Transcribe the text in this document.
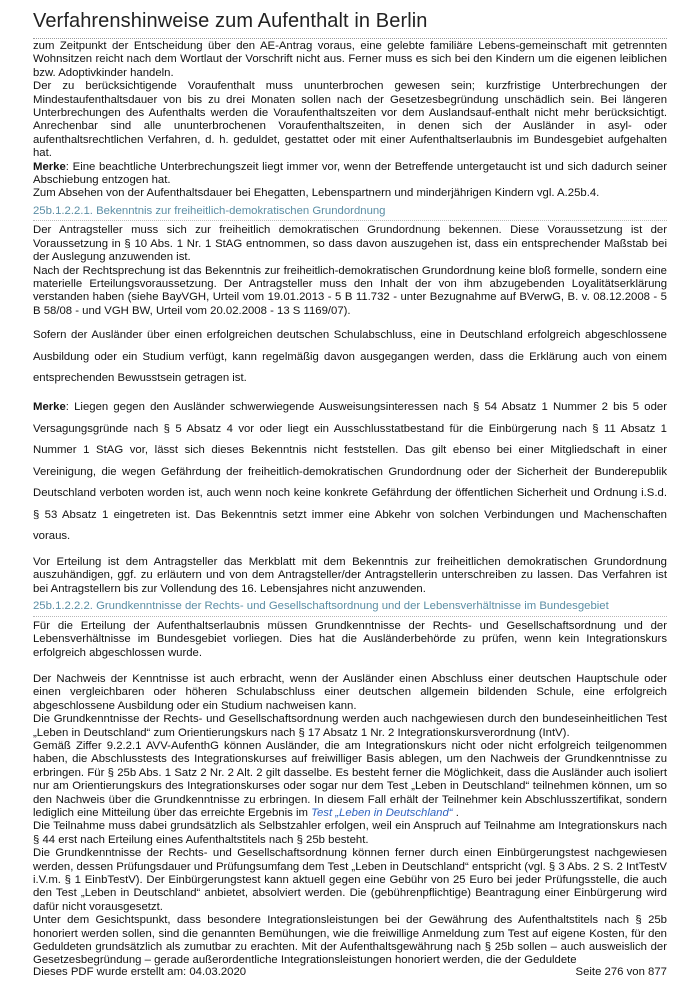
Verfahrenshinweise zum Aufenthalt in Berlin

zum Zeitpunkt der Entscheidung über den AE-Antrag voraus, eine gelebte familiäre Lebens-gemeinschaft mit getrennten Wohnsitzen reicht nach dem Wortlaut der Vorschrift nicht aus. Ferner muss es sich bei den Kindern um die eigenen leiblichen bzw. Adoptivkinder handeln.

Der zu berücksichtigende Voraufenthalt muss ununterbrochen gewesen sein; kurzfristige Unterbrechungen der Mindestaufenthaltsdauer von bis zu drei Monaten sollen nach der Gesetzesbegründung unschädlich sein. Bei längeren Unterbrechungen des Aufenthalts werden die Voraufenthaltszeiten vor dem Auslandsauf-enthalt nicht mehr berücksichtigt. Anrechenbar sind alle ununterbrochenen Voraufenthaltszeiten, in denen sich der Ausländer in asyl- oder aufenthaltsrechtlichen Verfahren, d. h. geduldet, gestattet oder mit einer Aufenthaltserlaubnis im Bundesgebiet aufgehalten hat.

Merke: Eine beachtliche Unterbrechungszeit liegt immer vor, wenn der Betreffende untergetaucht ist und sich dadurch seiner Abschiebung entzogen hat.

Zum Absehen von der Aufenthaltsdauer bei Ehegatten, Lebenspartnern und minderjährigen Kindern vgl. A.25b.4.

25b.1.2.2.1. Bekenntnis zur freiheitlich-demokratischen Grundordnung

Der Antragsteller muss sich zur freiheitlich demokratischen Grundordnung bekennen. Diese Voraussetzung ist der Voraussetzung in § 10 Abs. 1 Nr. 1 StAG entnommen, so dass davon auszugehen ist, dass ein entsprechender Maßstab bei der Auslegung anzuwenden ist.

Nach der Rechtsprechung ist das Bekenntnis zur freiheitlich-demokratischen Grundordnung keine bloß formelle, sondern eine materielle Erteilungsvoraussetzung. Der Antragsteller muss den Inhalt der von ihm abzugebenden Loyalitätserklärung verstanden haben (siehe BayVGH, Urteil vom 19.01.2013 - 5 B 11.732 - unter Bezugnahme auf BVerwG, B. v. 08.12.2008 - 5 B 58/08 - und VGH BW, Urteil vom 20.02.2008 - 13 S 1169/07).

Sofern der Ausländer über einen erfolgreichen deutschen Schulabschluss, eine in Deutschland erfolgreich abgeschlossene Ausbildung oder ein Studium verfügt, kann regelmäßig davon ausgegangen werden, dass die Erklärung auch von einem entsprechenden Bewusstsein getragen ist.

Merke: Liegen gegen den Ausländer schwerwiegende Ausweisungsinteressen nach § 54 Absatz 1 Nummer 2 bis 5 oder Versagungsgründe nach § 5 Absatz 4 vor oder liegt ein Ausschlusstatbestand für die Einbürgerung nach § 11 Absatz 1 Nummer 1 StAG vor, lässt sich dieses Bekenntnis nicht feststellen. Das gilt ebenso bei einer Mitgliedschaft in einer Vereinigung, die wegen Gefährdung der freiheitlich-demokratischen Grundordnung oder der Sicherheit der Bunderepublik Deutschland verboten worden ist, auch wenn noch keine konkrete Gefährdung der öffentlichen Sicherheit und Ordnung i.S.d. § 53 Absatz 1 eingetreten ist. Das Bekenntnis setzt immer eine Abkehr von solchen Verbindungen und Machenschaften voraus.

Vor Erteilung ist dem Antragsteller das Merkblatt mit dem Bekenntnis zur freiheitlichen demokratischen Grundordnung auszuhändigen, ggf. zu erläutern und von dem Antragsteller/der Antragstellerin unterschreiben zu lassen. Das Verfahren ist bei Antragstellern bis zur Vollendung des 16. Lebensjahres nicht anzuwenden.

25b.1.2.2.2. Grundkenntnisse der Rechts- und Gesellschaftsordnung und der Lebensverhältnisse im Bundesgebiet

Für die Erteilung der Aufenthaltserlaubnis müssen Grundkenntnisse der Rechts- und Gesellschaftsordnung und der Lebensverhältnisse im Bundesgebiet vorliegen. Dies hat die Ausländerbehörde zu prüfen, wenn kein Integrationskurs erfolgreich abgeschlossen wurde.

Der Nachweis der Kenntnisse ist auch erbracht, wenn der Ausländer einen Abschluss einer deutschen Hauptschule oder einen vergleichbaren oder höheren Schulabschluss einer deutschen allgemein bildenden Schule, eine erfolgreich abgeschlossene Ausbildung oder ein Studium nachweisen kann.

Die Grundkenntnisse der Rechts- und Gesellschaftsordnung werden auch nachgewiesen durch den bundeseinheitlichen Test „Leben in Deutschland“ zum Orientierungskurs nach § 17 Absatz 1 Nr. 2 Integrationskursverordnung (IntV).

Gemäß Ziffer 9.2.2.1 AVV-AufenthG können Ausländer, die am Integrationskurs nicht oder nicht erfolgreich teilgenommen haben, die Abschlusstests des Integrationskurses auf freiwilliger Basis ablegen, um den Nachweis der Grundkenntnisse zu erbringen. Für § 25b Abs. 1 Satz 2 Nr. 2 Alt. 2 gilt dasselbe. Es besteht ferner die Möglichkeit, dass die Ausländer auch isoliert nur am Orientierungskurs des Integrationskurses oder sogar nur dem Test „Leben in Deutschland“ teilnehmen können, um so den Nachweis über die Grundkenntnisse zu erbringen. In diesem Fall erhält der Teilnehmer kein Abschlusszertifikat, sondern lediglich eine Mitteilung über das erreichte Ergebnis im Test „Leben in Deutschland“ .

Die Teilnahme muss dabei grundsätzlich als Selbstzahler erfolgen, weil ein Anspruch auf Teilnahme am Integrationskurs nach § 44 erst nach Erteilung eines Aufenthaltstitels nach § 25b besteht.

Die Grundkenntnisse der Rechts- und Gesellschaftsordnung können ferner durch einen Einbürgerungstest nachgewiesen werden, dessen Prüfungsdauer und Prüfungsumfang dem Test „Leben in Deutschland“ entspricht (vgl. § 3 Abs. 2 S. 2 IntTestV i.V.m. § 1 EinbTestV). Der Einbürgerungstest kann aktuell gegen eine Gebühr von 25 Euro bei jeder Prüfungsstelle, die auch den Test „Leben in Deutschland“ anbietet, absolviert werden. Die (gebührenpflichtige) Beantragung einer Einbürgerung wird dafür nicht vorausgesetzt.

Unter dem Gesichtspunkt, dass besondere Integrationsleistungen bei der Gewährung des Aufenthaltstitels nach § 25b honoriert werden sollen, sind die genannten Bemühungen, wie die freiwillige Anmeldung zum Test auf eigene Kosten, für den Geduldeten grundsätzlich als zumutbar zu erachten. Mit der Aufenthaltsgewährung nach § 25b sollen – auch ausweislich der Gesetzesbegründung – gerade außerordentliche Integrationsleistungen honoriert werden, die der Geduldete

Dieses PDF wurde erstellt am: 04.03.2020	Seite 276 von 877
